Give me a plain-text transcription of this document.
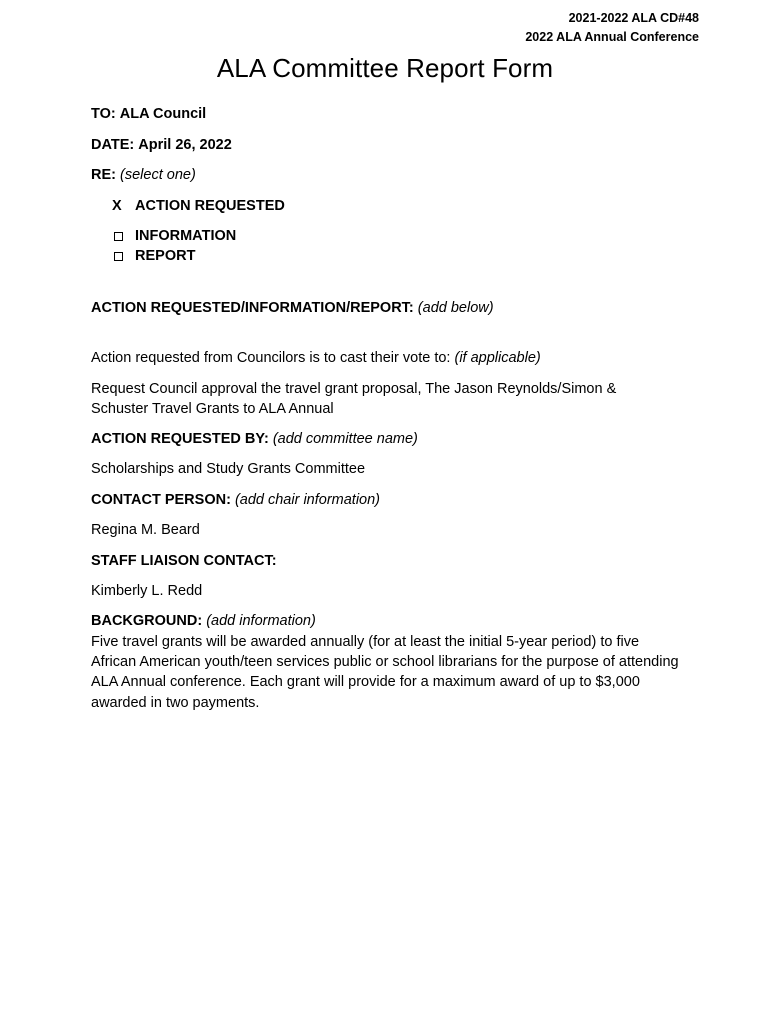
2021-2022 ALA CD#48
2022 ALA Annual Conference
ALA Committee Report Form
TO: ALA Council
DATE: April 26, 2022
RE: (select one)
X ACTION REQUESTED
INFORMATION
REPORT
ACTION REQUESTED/INFORMATION/REPORT: (add below)
Action requested from Councilors is to cast their vote to: (if applicable)
Request Council approval the travel grant proposal, The Jason Reynolds/Simon & Schuster Travel Grants to ALA Annual
ACTION REQUESTED BY: (add committee name)
Scholarships and Study Grants Committee
CONTACT PERSON: (add chair information)
Regina M. Beard
STAFF LIAISON CONTACT:
Kimberly L. Redd
BACKGROUND: (add information)
Five travel grants will be awarded annually (for at least the initial 5-year period) to five African American youth/teen services public or school librarians for the purpose of attending ALA Annual conference. Each grant will provide for a maximum award of up to $3,000 awarded in two payments.
